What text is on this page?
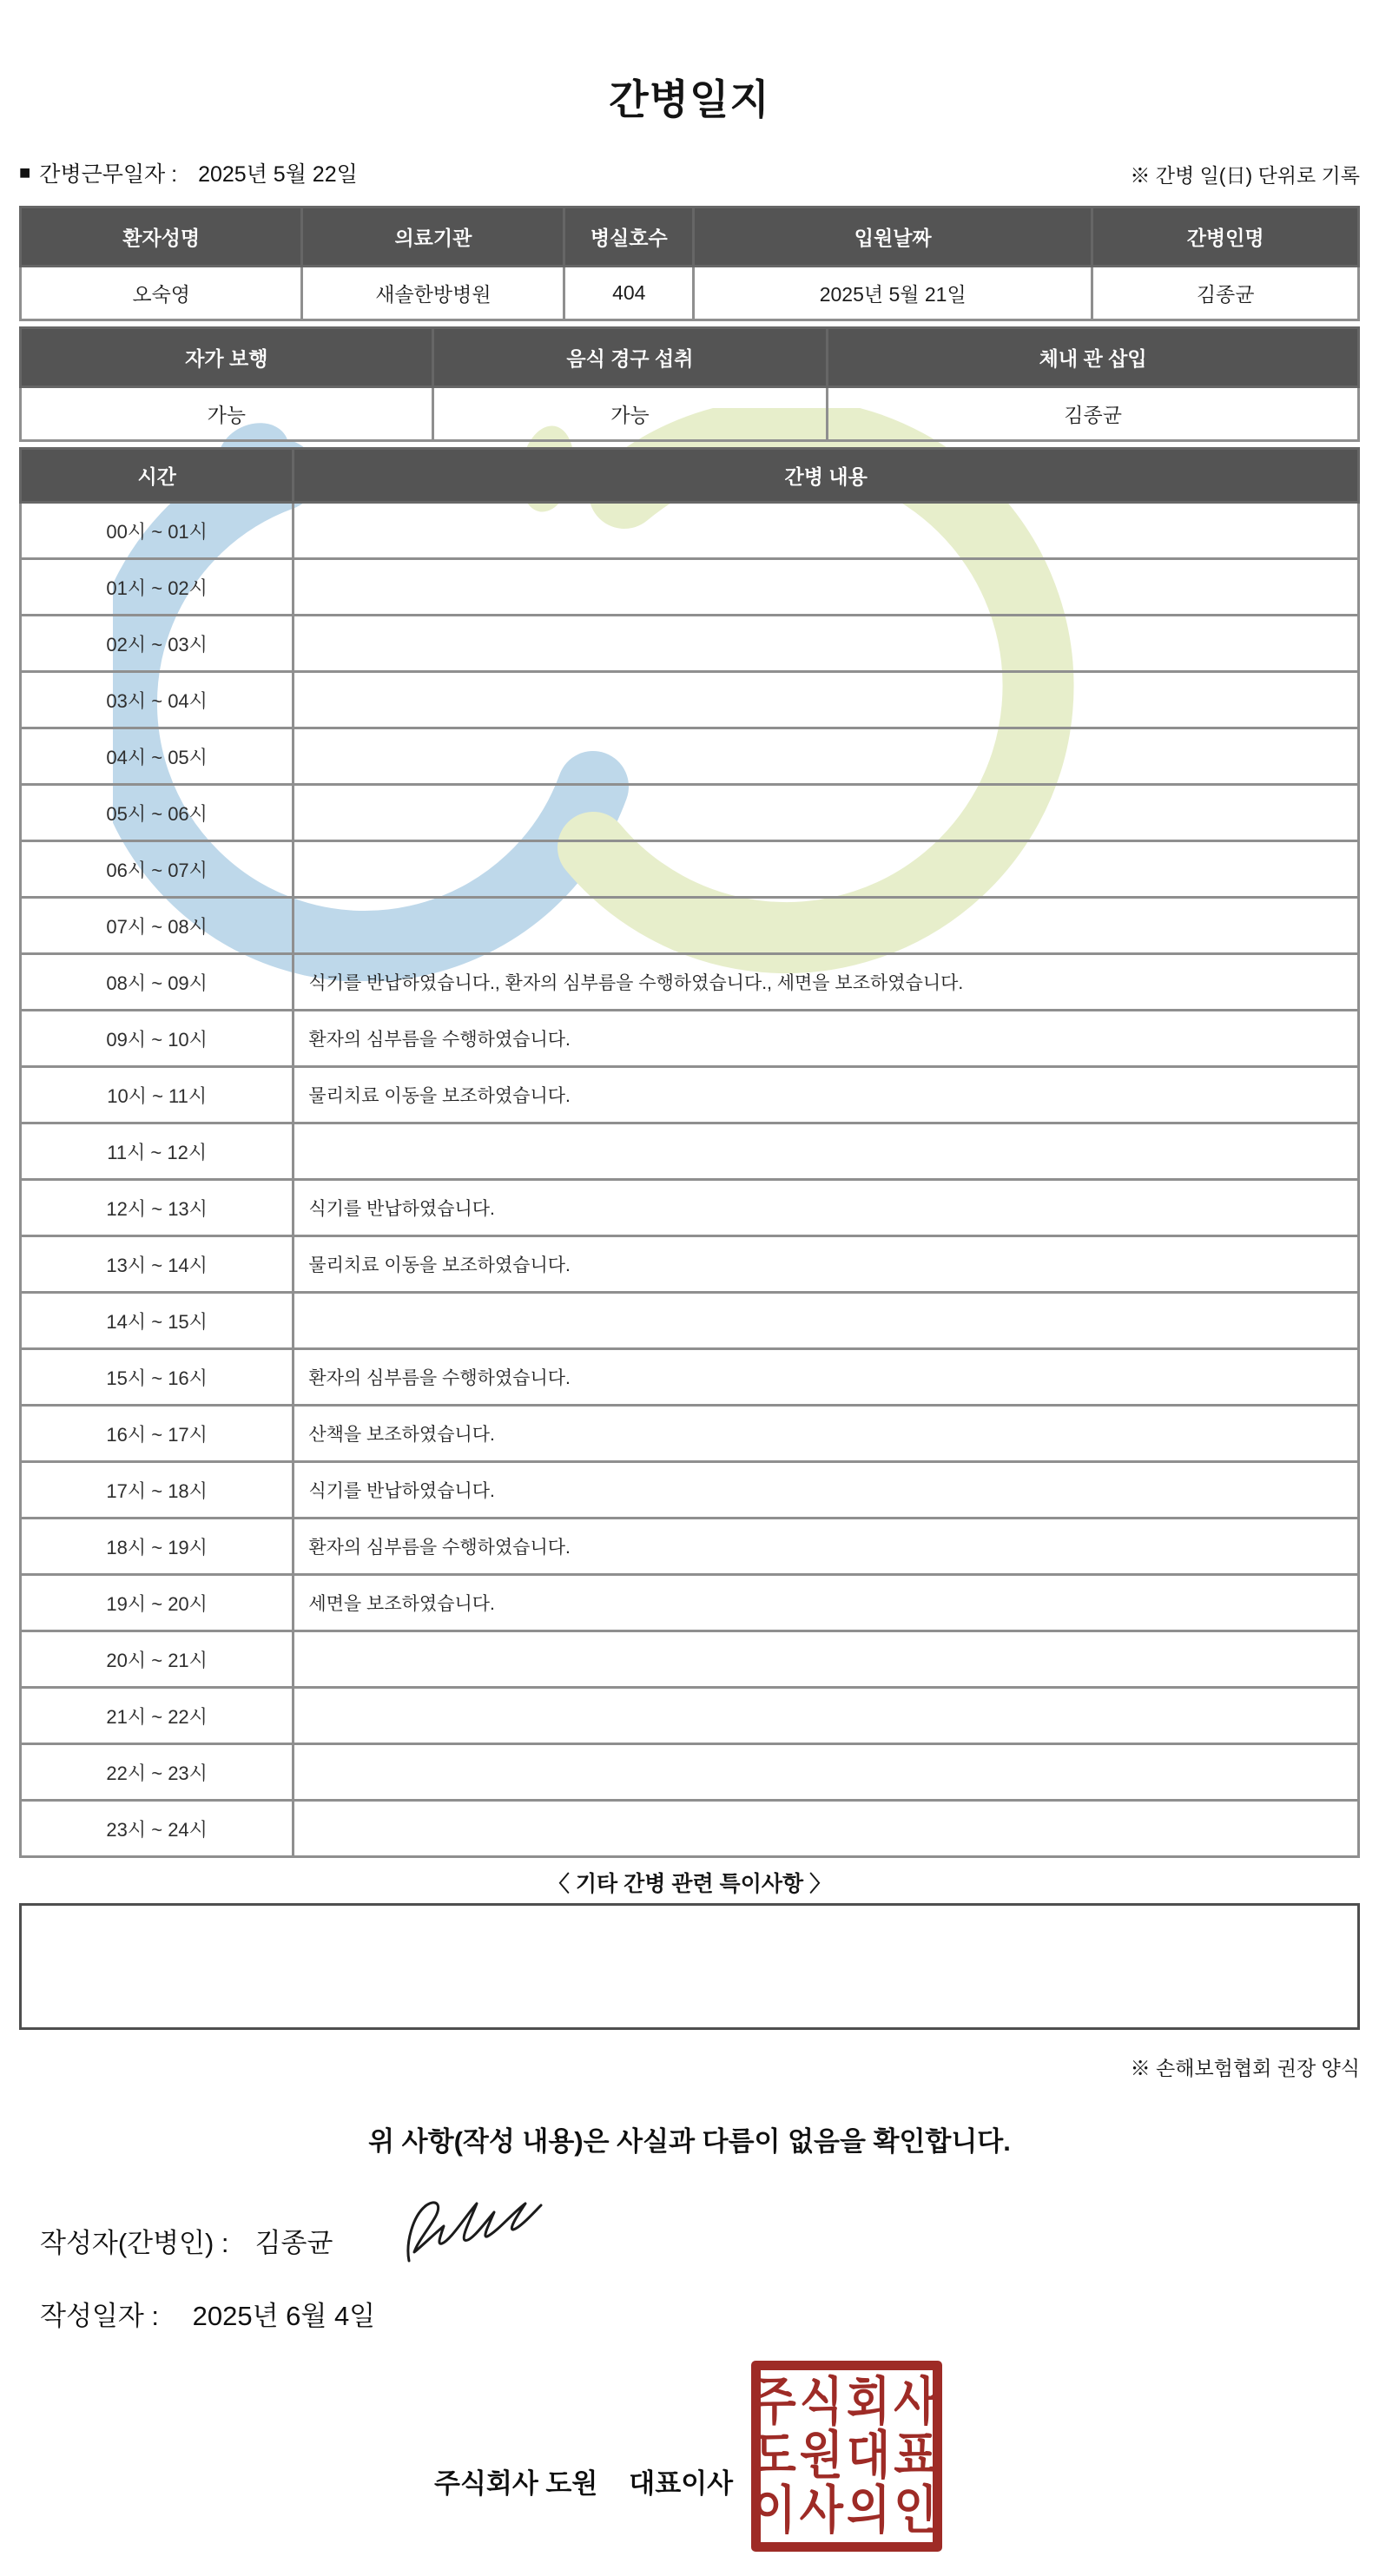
간병일지
■ 간병근무일자 : 2025년 5월 22일	※ 간병 일(日) 단위로 기록
환자성명	의료기관	병실호수	입원날짜	간병인명
오숙영	새솔한방병원	404	2025년 5월 21일	김종균
자가 보행	음식 경구 섭취	체내 관 삽입
가능	가능	김종균
시간	간병 내용
00시 ~ 01시	
01시 ~ 02시	
02시 ~ 03시	
03시 ~ 04시	
04시 ~ 05시	
05시 ~ 06시	
06시 ~ 07시	
07시 ~ 08시	
08시 ~ 09시	식기를 반납하였습니다., 환자의 심부름을 수행하였습니다., 세면을 보조하였습니다.
09시 ~ 10시	환자의 심부름을 수행하였습니다.
10시 ~ 11시	물리치료 이동을 보조하였습니다.
11시 ~ 12시	
12시 ~ 13시	식기를 반납하였습니다.
13시 ~ 14시	물리치료 이동을 보조하였습니다.
14시 ~ 15시	
15시 ~ 16시	환자의 심부름을 수행하였습니다.
16시 ~ 17시	산책을 보조하였습니다.
17시 ~ 18시	식기를 반납하였습니다.
18시 ~ 19시	환자의 심부름을 수행하였습니다.
19시 ~ 20시	세면을 보조하였습니다.
20시 ~ 21시	
21시 ~ 22시	
22시 ~ 23시	
23시 ~ 24시	
〈 기타 간병 관련 특이사항 〉
※ 손해보험협회 권장 양식
위 사항(작성 내용)은 사실과 다름이 없음을 확인합니다.
작성자(간병인) : 김종균
작성일자 : 2025년 6월 4일
주식회사 도원 대표이사
주식회사
도원대표
이사의인
